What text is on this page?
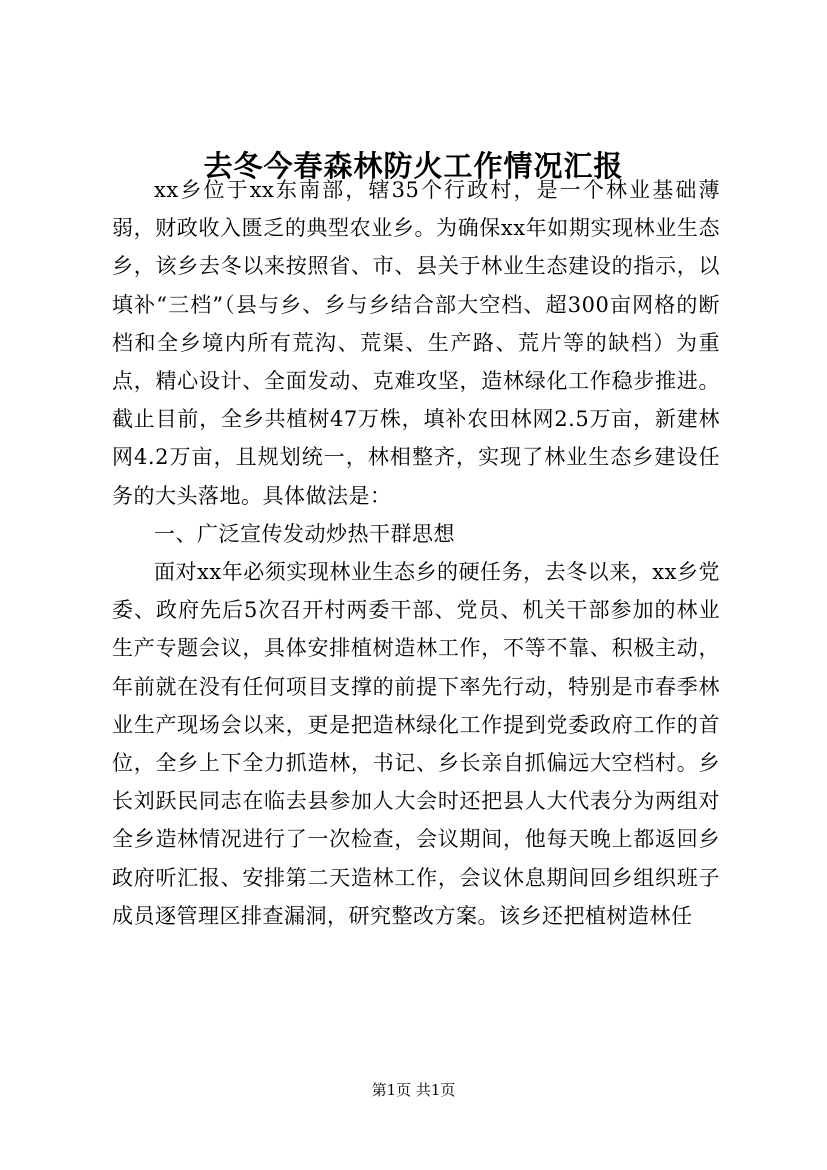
去冬今春森林防火工作情况汇报

xx乡位于xx东南部，辖35个行政村，是一个林业基础薄弱，财政收入匮乏的典型农业乡。为确保xx年如期实现林业生态乡，该乡去冬以来按照省、市、县关于林业生态建设的指示，以填补“三档”（县与乡、乡与乡结合部大空档、超300亩网格的断档和全乡境内所有荒沟、荒渠、生产路、荒片等的缺档）为重点，精心设计、全面发动、克难攻坚，造林绿化工作稳步推进。截止目前，全乡共植树47万株，填补农田林网2.5万亩，新建林网4.2万亩，且规划统一，林相整齐，实现了林业生态乡建设任务的大头落地。具体做法是：

一、广泛宣传发动炒热干群思想

面对xx年必须实现林业生态乡的硬任务，去冬以来，xx乡党委、政府先后5次召开村两委干部、党员、机关干部参加的林业生产专题会议，具体安排植树造林工作，不等不靠、积极主动，年前就在没有任何项目支撑的前提下率先行动，特别是市春季林业生产现场会以来，更是把造林绿化工作提到党委政府工作的首位，全乡上下全力抓造林，书记、乡长亲自抓偏远大空档村。乡长刘跃民同志在临去县参加人大会时还把县人大代表分为两组对全乡造林情况进行了一次检查，会议期间，他每天晚上都返回乡政府听汇报、安排第二天造林工作，会议休息期间回乡组织班子成员逐管理区排查漏洞，研究整改方案。该乡还把植树造林任

第1页 共1页
